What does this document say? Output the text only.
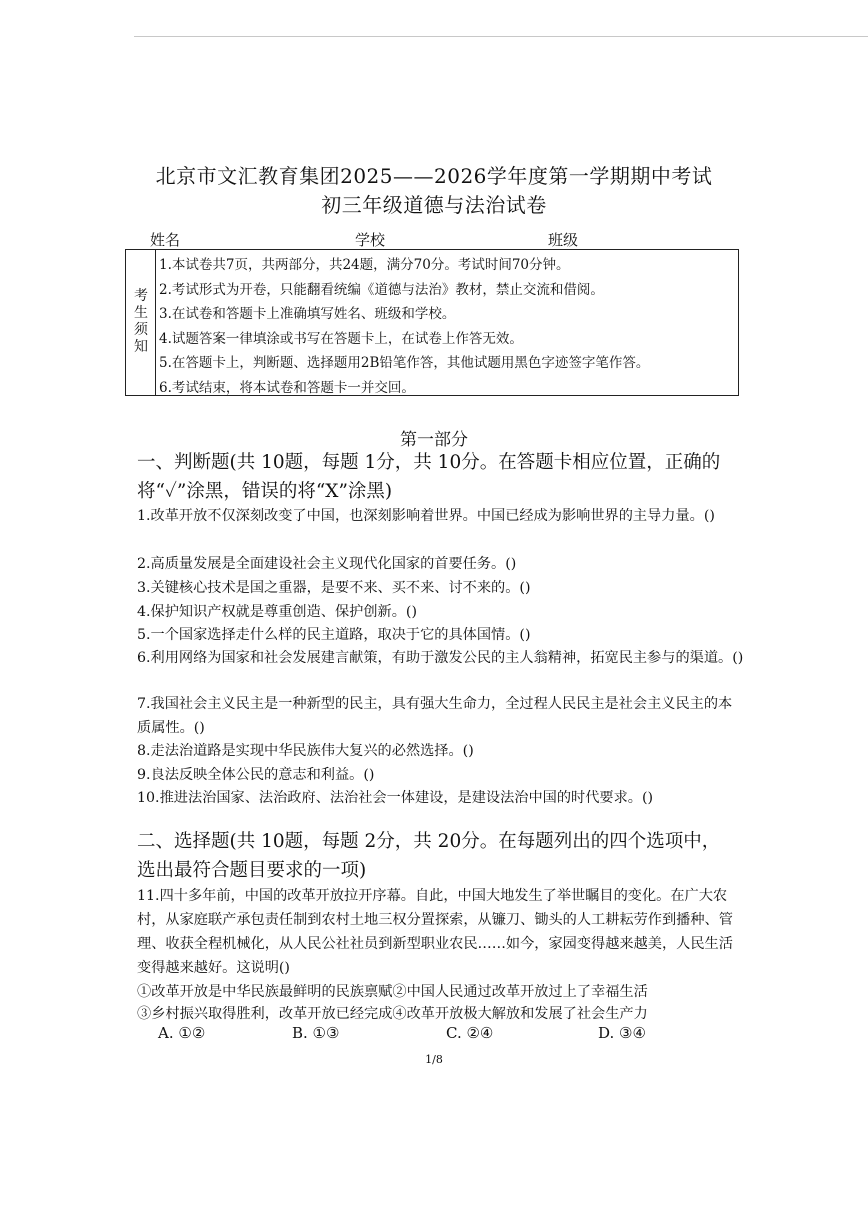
北京市文汇教育集团2025——2026学年度第一学期期中考试
初三年级道德与法治试卷
姓名	学校	班级
考生须知
1.本试卷共7页，共两部分，共24题，满分70分。考试时间70分钟。
2.考试形式为开卷，只能翻看统编《道德与法治》教材，禁止交流和借阅。
3.在试卷和答题卡上准确填写姓名、班级和学校。
4.试题答案一律填涂或书写在答题卡上，在试卷上作答无效。
5.在答题卡上，判断题、选择题用2B铅笔作答，其他试题用黑色字迹签字笔作答。
6.考试结束，将本试卷和答题卡一并交回。
第一部分
一、判断题(共 10题，每题 1分，共 10分。在答题卡相应位置，正确的将“✓”涂黑，错误的将“X”涂黑)
1.改革开放不仅深刻改变了中国，也深刻影响着世界。中国已经成为影响世界的主导力量。()
2.高质量发展是全面建设社会主义现代化国家的首要任务。()
3.关键核心技术是国之重器，是要不来、买不来、讨不来的。()
4.保护知识产权就是尊重创造、保护创新。()
5.一个国家选择走什么样的民主道路，取决于它的具体国情。()
6.利用网络为国家和社会发展建言献策，有助于激发公民的主人翁精神，拓宽民主参与的渠道。()
7.我国社会主义民主是一种新型的民主，具有强大生命力，全过程人民民主是社会主义民主的本质属性。()
8.走法治道路是实现中华民族伟大复兴的必然选择。()
9.良法反映全体公民的意志和利益。()
10.推进法治国家、法治政府、法治社会一体建设，是建设法治中国的时代要求。()
二、选择题(共 10题，每题 2分，共 20分。在每题列出的四个选项中，选出最符合题目要求的一项)
11.四十多年前，中国的改革开放拉开序幕。自此，中国大地发生了举世瞩目的变化。在广大农村，从家庭联产承包责任制到农村土地三权分置探索，从镰刀、锄头的人工耕耘劳作到播种、管理、收获全程机械化，从人民公社社员到新型职业农民……如今，家园变得越来越美，人民生活变得越来越好。这说明()
①改革开放是中华民族最鲜明的民族禀赋②中国人民通过改革开放过上了幸福生活
③乡村振兴取得胜利，改革开放已经完成④改革开放极大解放和发展了社会生产力
A. ①②	B. ①③	C. ②④	D. ③④
1/8
